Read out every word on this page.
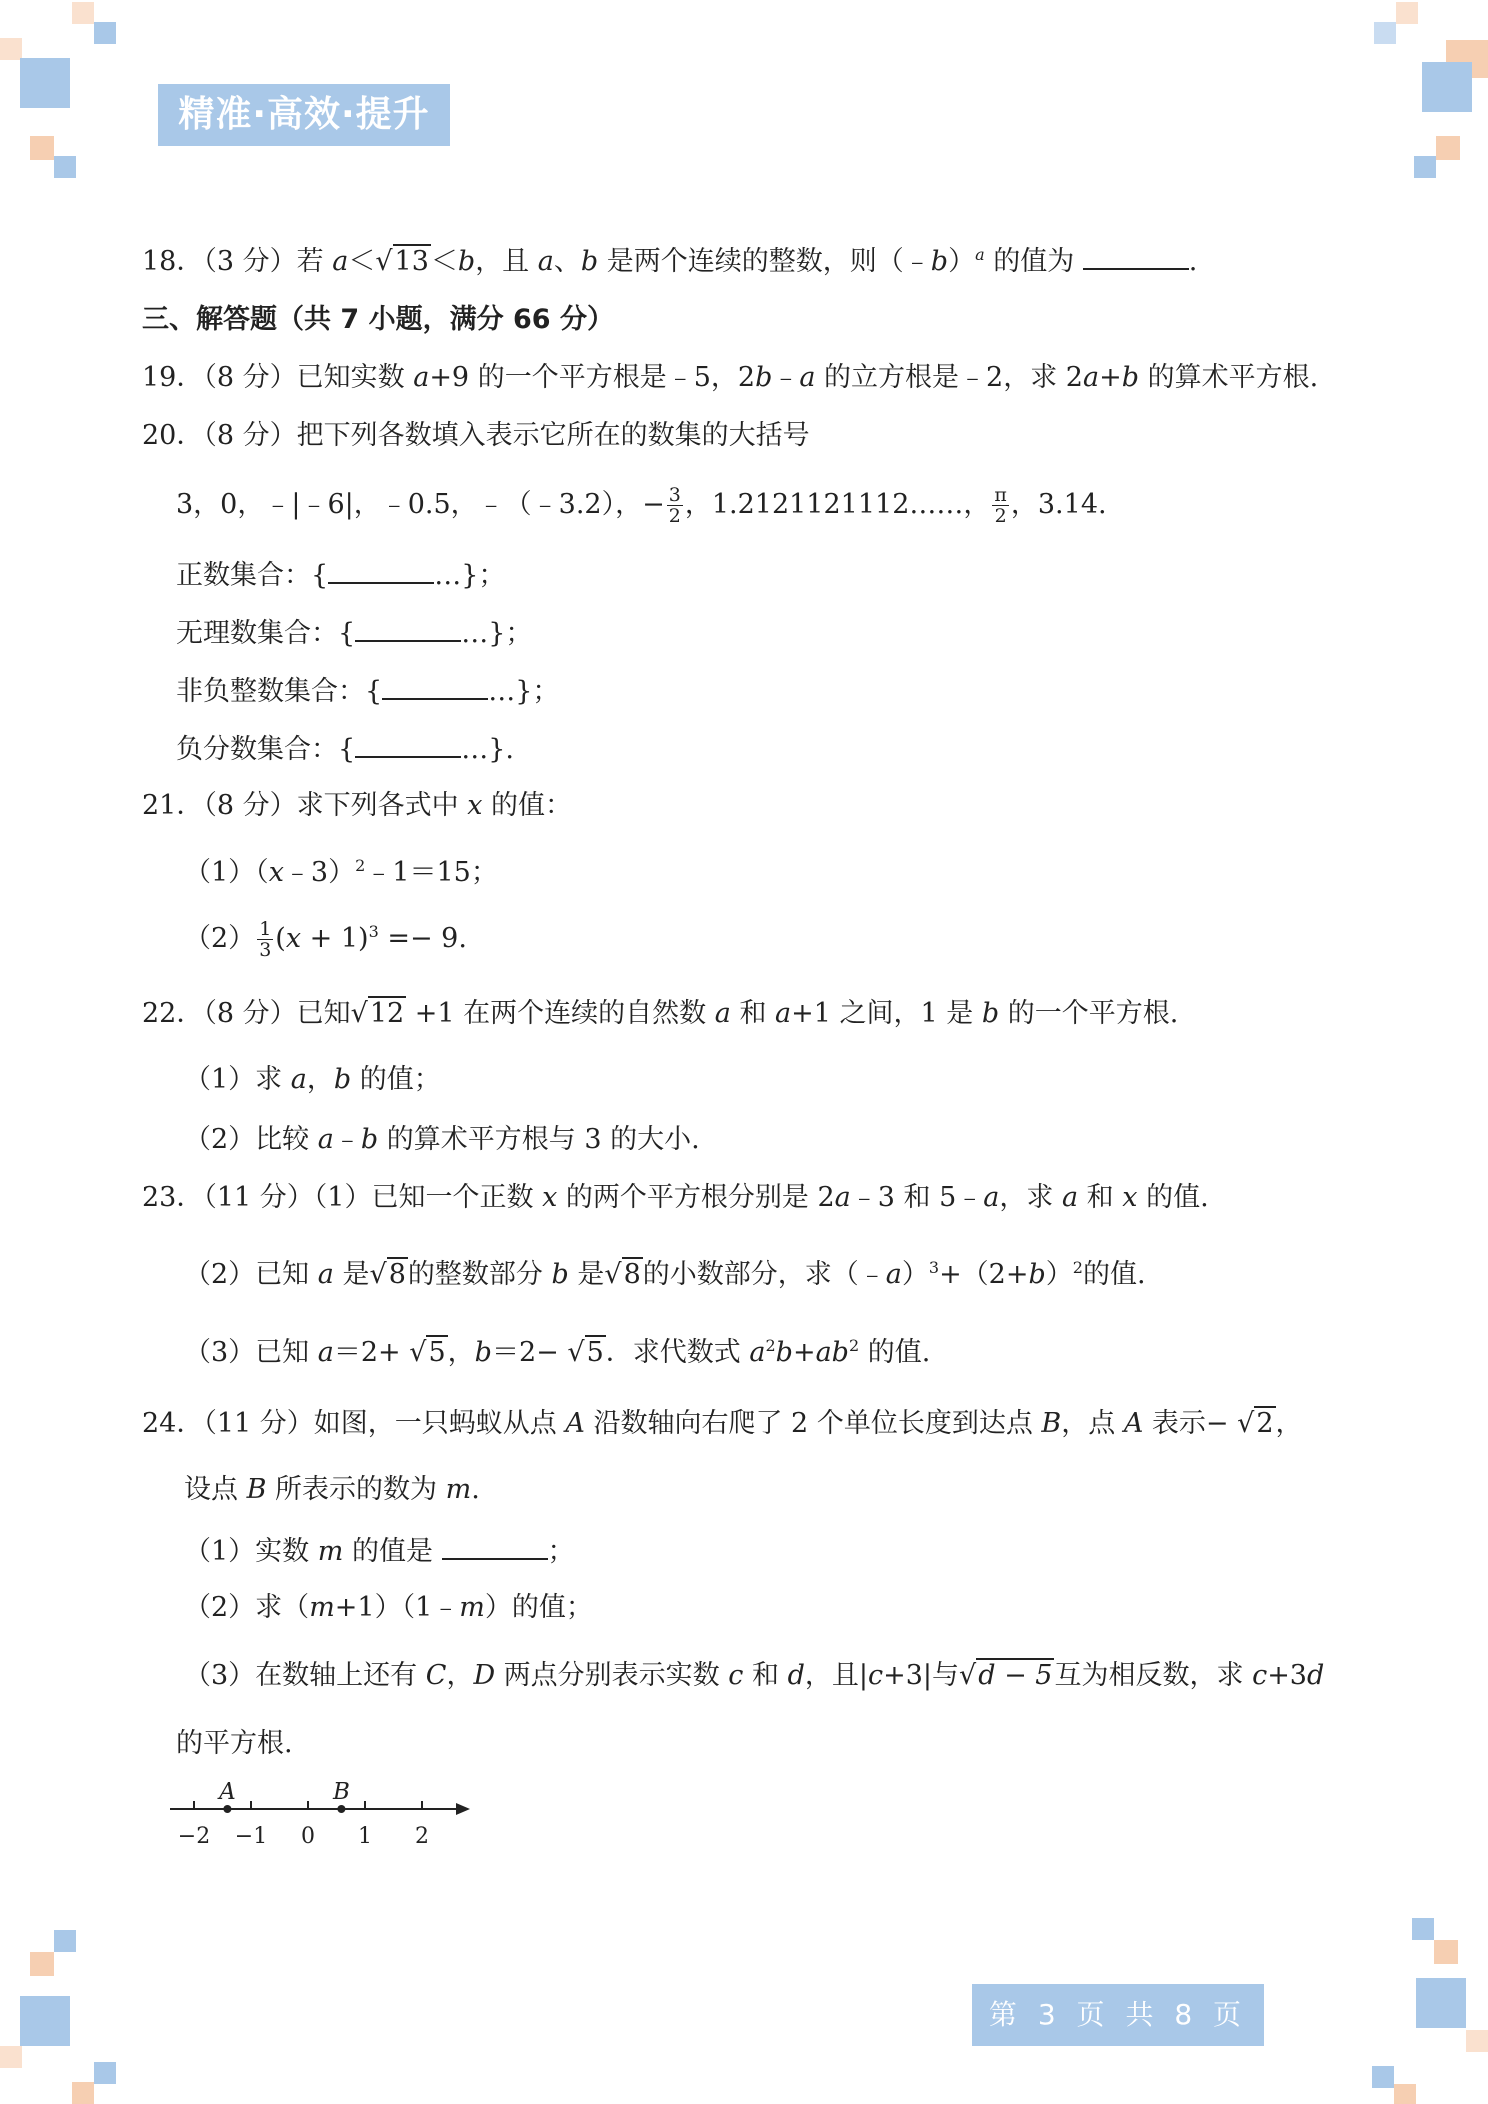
精准·高效·提升
18．（3 分）若 a＜√13＜b，且 a、b 是两个连续的整数，则（﹣b）$^a$ 的值为	.
三、解答题（共 7 小题，满分 66 分）
19．（8 分）已知实数 a+9 的一个平方根是﹣5，2b﹣a 的立方根是﹣2，求 2a+b 的算术平方根.
20．（8 分）把下列各数填入表示它所在的数集的大括号
3，0，﹣|﹣6|，﹣0.5，﹣（﹣3.2），− $\frac{3}{2}$ ，1.2121121112……， $\frac{\pi}{2}$ ，3.14.
正数集合：{	…}；
无理数集合：{	…}；
非负整数集合：{	…}；
负分数集合：{	…}.
21．（8 分）求下列各式中 x 的值：
（1）（x﹣3）$^2$﹣1＝15；
$(2) \frac{1}{3} (x + 1)^3 =- 9$.
22．（8 分）已知√12 +1 在两个连续的自然数 a 和 a+1 之间，1 是 b 的一个平方根.
（1）求 a，b 的值；
（2）比较 a﹣b 的算术平方根与 3 的大小.
23．（11 分）（1）已知一个正数 x 的两个平方根分别是 2a﹣3 和 5﹣a，求 a 和 x 的值.
（2）已知 a 是√8的整数部分 b 是√8的小数部分，求$(﹣a)^3+(2+b)^2$的值.
（3）已知 a＝2+ √5，b＝2− √5．求代数式 $a^2b+ab^2$ 的值.
24．（11 分）如图，一只蚂蚁从点 A 沿数轴向右爬了 2 个单位长度到达点 B，点 A 表示− √2，
设点 B 所表示的数为 m.
（1）实数 m 的值是	；
（2）求（m+1）（1﹣m）的值；
（3）在数轴上还有 C，D 两点分别表示实数 c 和 d，且|c+3|与√d − 5互为相反数，求 c+3d
的平方根.
−2 −1 0 1 2
A	B
第 3 页 共 8 页
